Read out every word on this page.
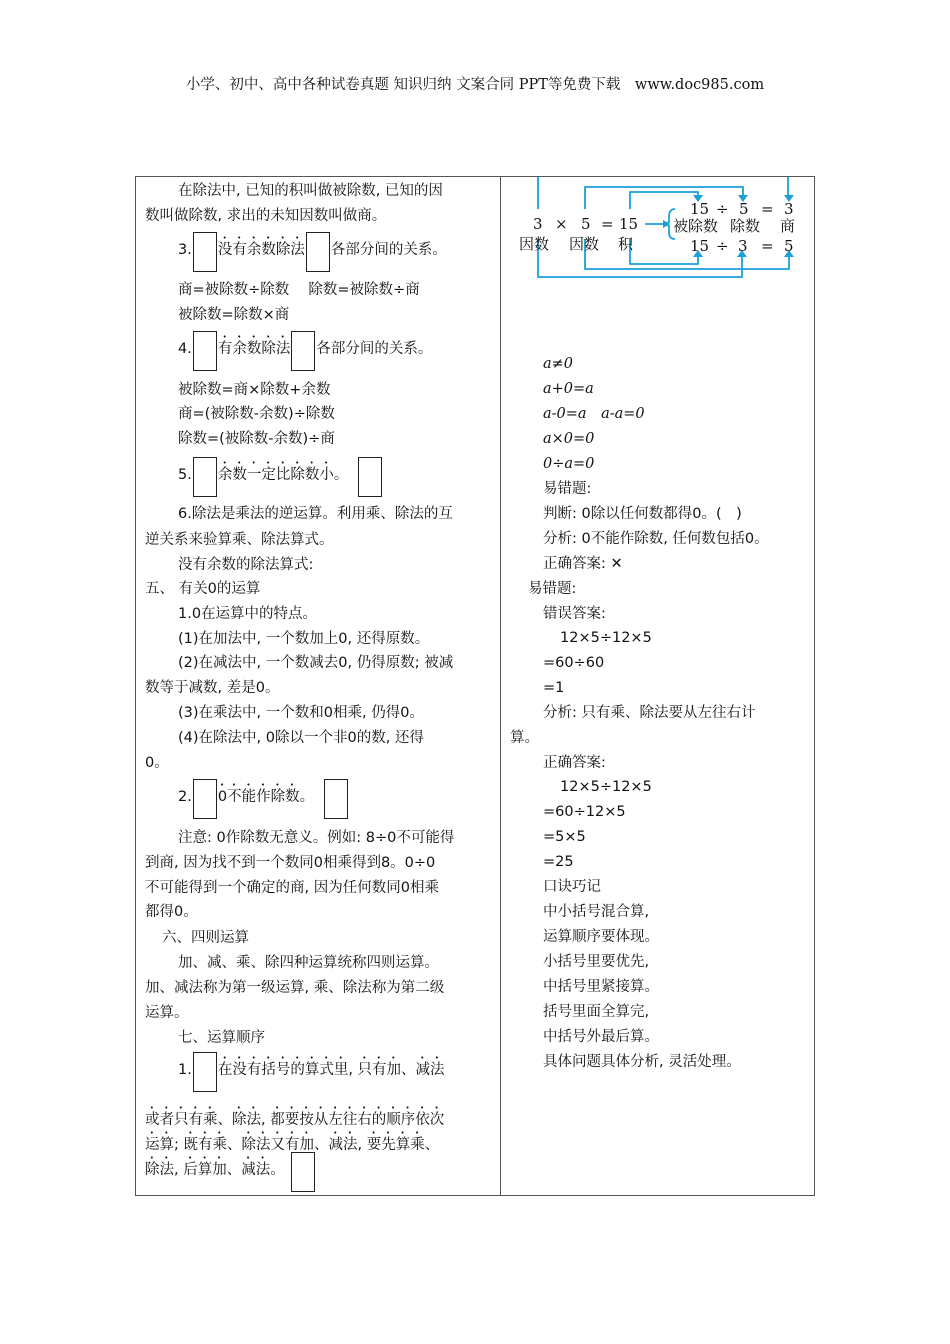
小学、初中、高中各种试卷真题 知识归纳 文案合同 PPT等免费下载　www.doc985.com
在除法中, 已知的积叫做被除数, 已知的因
数叫做除数, 求出的未知因数叫做商。
3. 没有余数除法 各部分间的关系。
商=被除数÷除数　 除数=被除数÷商
被除数=除数×商
4. 有余数除法 各部分间的关系。
被除数=商×除数+余数
商=(被除数-余数)÷除数
除数=(被除数-余数)÷商
5. 余数一定比除数小。
6.除法是乘法的逆运算。利用乘、除法的互
逆关系来验算乘、除法算式。
没有余数的除法算式:
五、 有关0的运算
1.0在运算中的特点。
(1)在加法中, 一个数加上0, 还得原数。
(2)在减法中, 一个数减去0, 仍得原数; 被减
数等于减数, 差是0。
(3)在乘法中, 一个数和0相乘, 仍得0。
(4)在除法中, 0除以一个非0的数, 还得
0。
2. 0不能作除数。
注意: 0作除数无意义。例如: 8÷0不可能得
到商, 因为找不到一个数同0相乘得到8。0÷0
不可能得到一个确定的商, 因为任何数同0相乘
都得0。
六、四则运算
加、减、乘、除四种运算统称四则运算。
加、减法称为第一级运算, 乘、除法称为第二级
运算。
七、运算顺序
1. 在没有括号的算式里, 只有加、减法
或者只有乘、除法, 都要按从左往右的顺序依次
运算; 既有乘、除法又有加、减法, 要先算乘、
除法, 后算加、减法。
3 × 5 = 15
因数 因数 积
15 ÷ 5 = 3
被除数 除数 商
15 ÷ 3 = 5
a≠0
a+0=a
a-0=a　a-a=0
a×0=0
0÷a=0
易错题:
判断: 0除以任何数都得0。(　)
分析: 0不能作除数, 任何数包括0。
正确答案: ✕
易错题:
错误答案:
12×5÷12×5
=60÷60
=1
分析: 只有乘、除法要从左往右计
算。
正确答案:
12×5÷12×5
=60÷12×5
=5×5
=25
口诀巧记
中小括号混合算,
运算顺序要体现。
小括号里要优先,
中括号里紧接算。
括号里面全算完,
中括号外最后算。
具体问题具体分析, 灵活处理。
